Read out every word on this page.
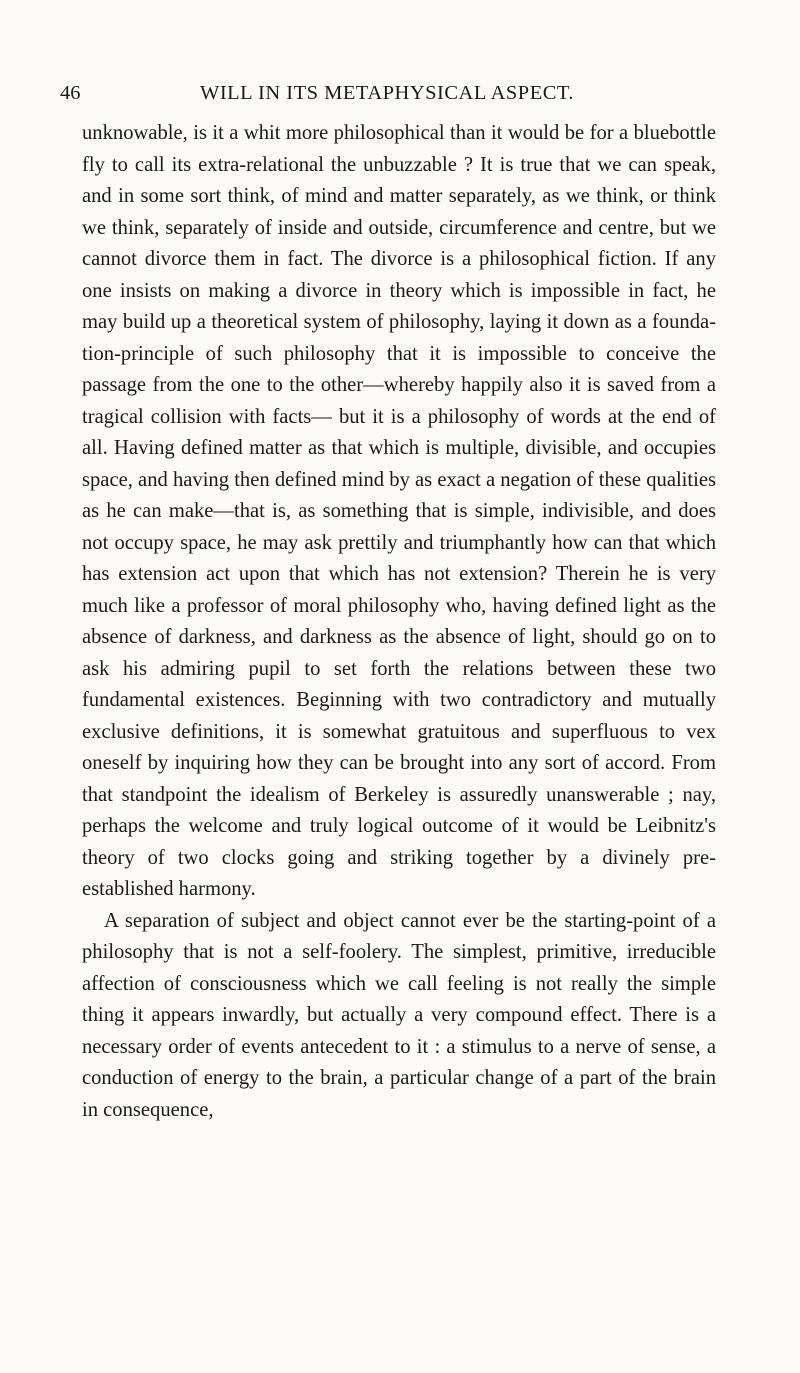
46	WILL IN ITS METAPHYSICAL ASPECT.

unknowable, is it a whit more philosophical than it would be for a bluebottle fly to call its extra-relational the unbuzzable ? It is true that we can speak, and in some sort think, of mind and matter separately, as we think, or think we think, separately of inside and outside, circumference and centre, but we cannot divorce them in fact. The divorce is a philosophical fiction. If any one insists on making a divorce in theory which is impossible in fact, he may build up a theoretical system of philosophy, laying it down as a foundation-principle of such philosophy that it is impossible to conceive the passage from the one to the other—whereby happily also it is saved from a tragical collision with facts— but it is a philosophy of words at the end of all. Having defined matter as that which is multiple, divisible, and occupies space, and having then defined mind by as exact a negation of these qualities as he can make—that is, as something that is simple, indivisible, and does not occupy space, he may ask prettily and triumphantly how can that which has extension act upon that which has not extension? Therein he is very much like a professor of moral philosophy who, having defined light as the absence of darkness, and darkness as the absence of light, should go on to ask his admiring pupil to set forth the relations between these two fundamental existences. Beginning with two contradictory and mutually exclusive definitions, it is somewhat gratuitous and superfluous to vex oneself by inquiring how they can be brought into any sort of accord. From that standpoint the idealism of Berkeley is assuredly unanswerable ; nay, perhaps the welcome and truly logical outcome of it would be Leibnitz's theory of two clocks going and striking together by a divinely pre-established harmony.

A separation of subject and object cannot ever be the starting-point of a philosophy that is not a self-foolery. The simplest, primitive, irreducible affection of consciousness which we call feeling is not really the simple thing it appears inwardly, but actually a very compound effect. There is a necessary order of events antecedent to it : a stimulus to a nerve of sense, a conduction of energy to the brain, a particular change of a part of the brain in consequence,
